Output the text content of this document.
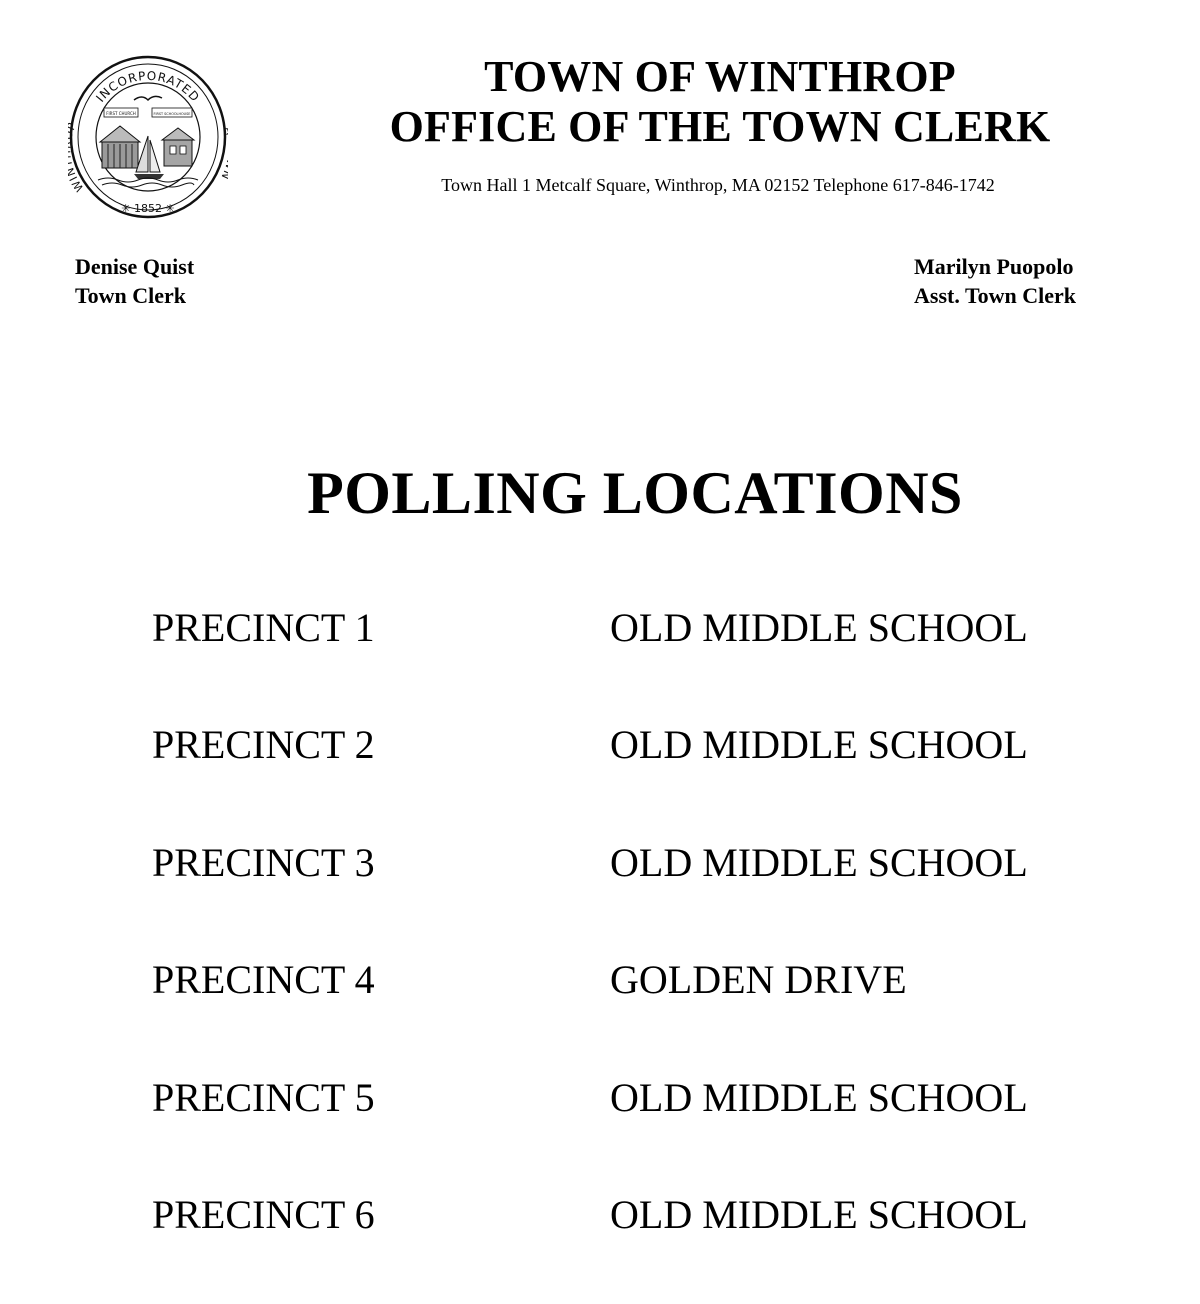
INCORPORATED
W
✳ 1852 ✳
FIRST CHURCH	FIRST SCHOOLHOUSE
TOWN OF WINTHROP
OFFICE OF THE TOWN CLERK
Town Hall 1 Metcalf Square, Winthrop, MA 02152 Telephone 617-846-1742
Denise Quist
Town Clerk
Marilyn Puopolo
Asst. Town Clerk
POLLING LOCATIONS
PRECINCT 1	OLD MIDDLE SCHOOL
PRECINCT 2	OLD MIDDLE SCHOOL
PRECINCT 3	OLD MIDDLE SCHOOL
PRECINCT 4	GOLDEN DRIVE
PRECINCT 5	OLD MIDDLE SCHOOL
PRECINCT 6	OLD MIDDLE SCHOOL
